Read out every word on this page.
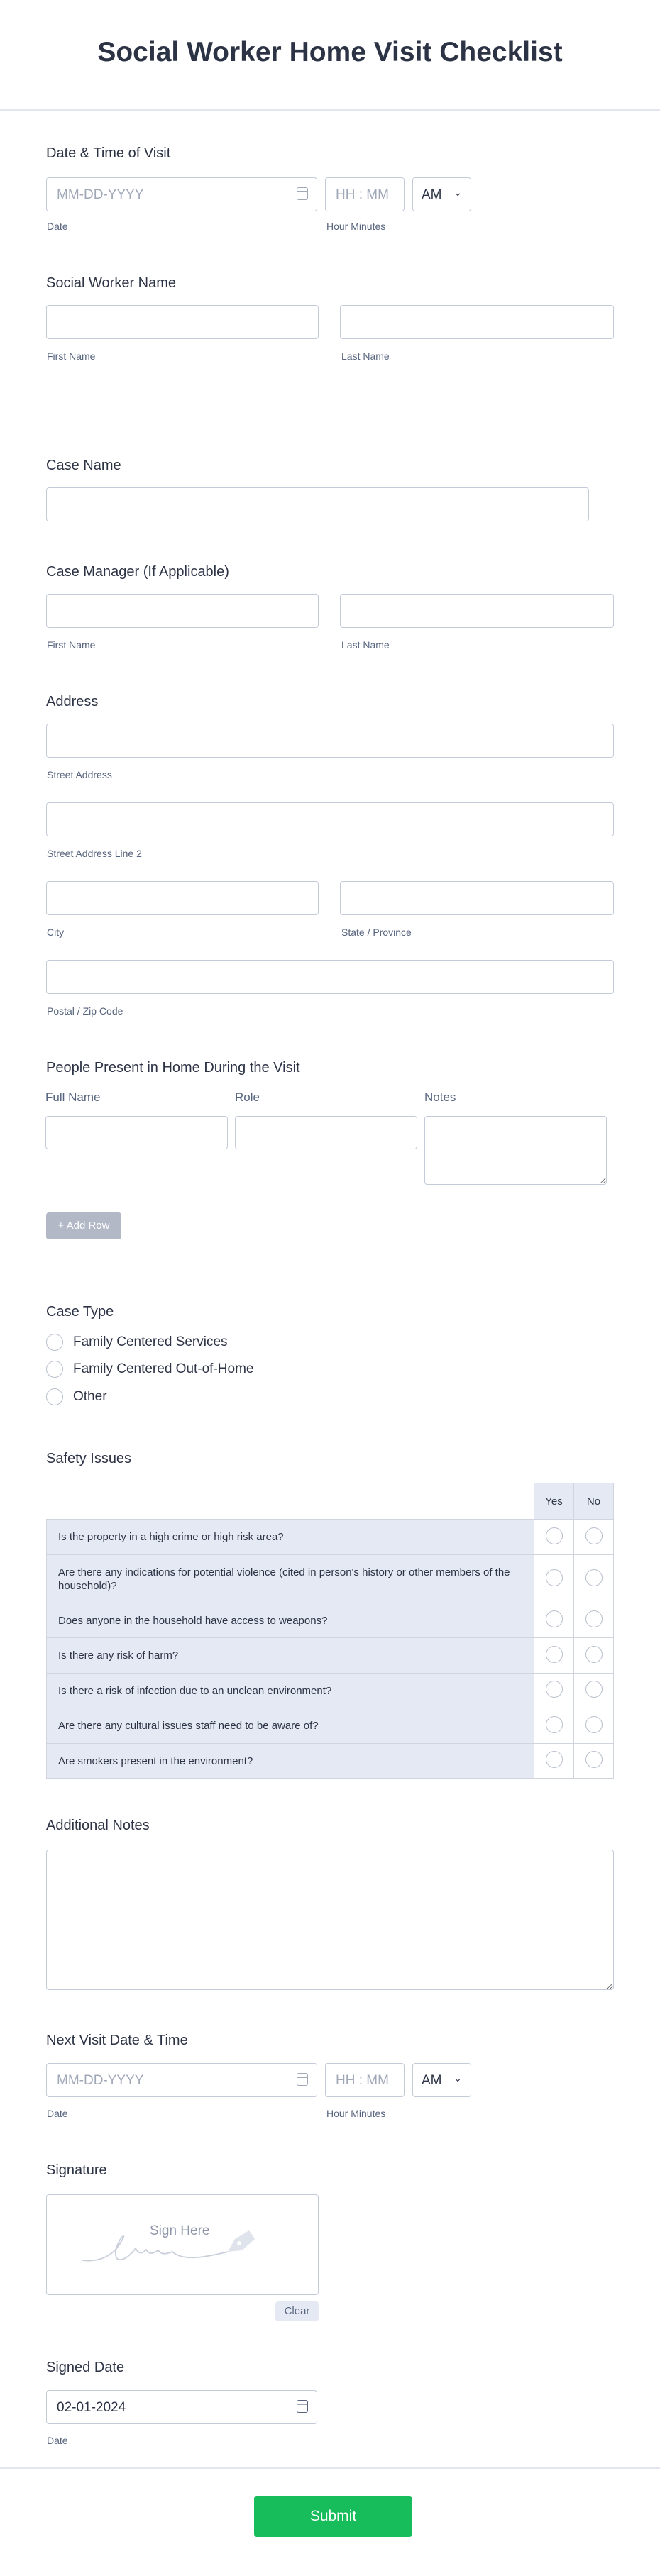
Social Worker Home Visit Checklist
Date & Time of Visit
MM-DD-YYYY	HH : MM AM ⌄
Date	Hour Minutes
Social Worker Name
First Name	Last Name
Case Name
Case Manager (If Applicable)
First Name	Last Name
Address
Street Address
Street Address Line 2
City	State / Province
Postal / Zip Code
People Present in Home During the Visit
Full Name	Role	Notes
+ Add Row
Case Type
Family Centered Services
Family Centered Out-of-Home
Other
Safety Issues
	Yes	No
Is the property in a high crime or high risk area?		
Are there any indications for potential violence (cited in person's history or other members of the household)?		
Does anyone in the household have access to weapons?		
Is there any risk of harm?		
Is there a risk of infection due to an unclean environment?		
Are there any cultural issues staff need to be aware of?		
Are smokers present in the environment?		
Additional Notes
Next Visit Date & Time
MM-DD-YYYY	HH : MM AM ⌄
Date	Hour Minutes
Signature
Sign Here
Clear
Signed Date
02-01-2024
Date
Submit
